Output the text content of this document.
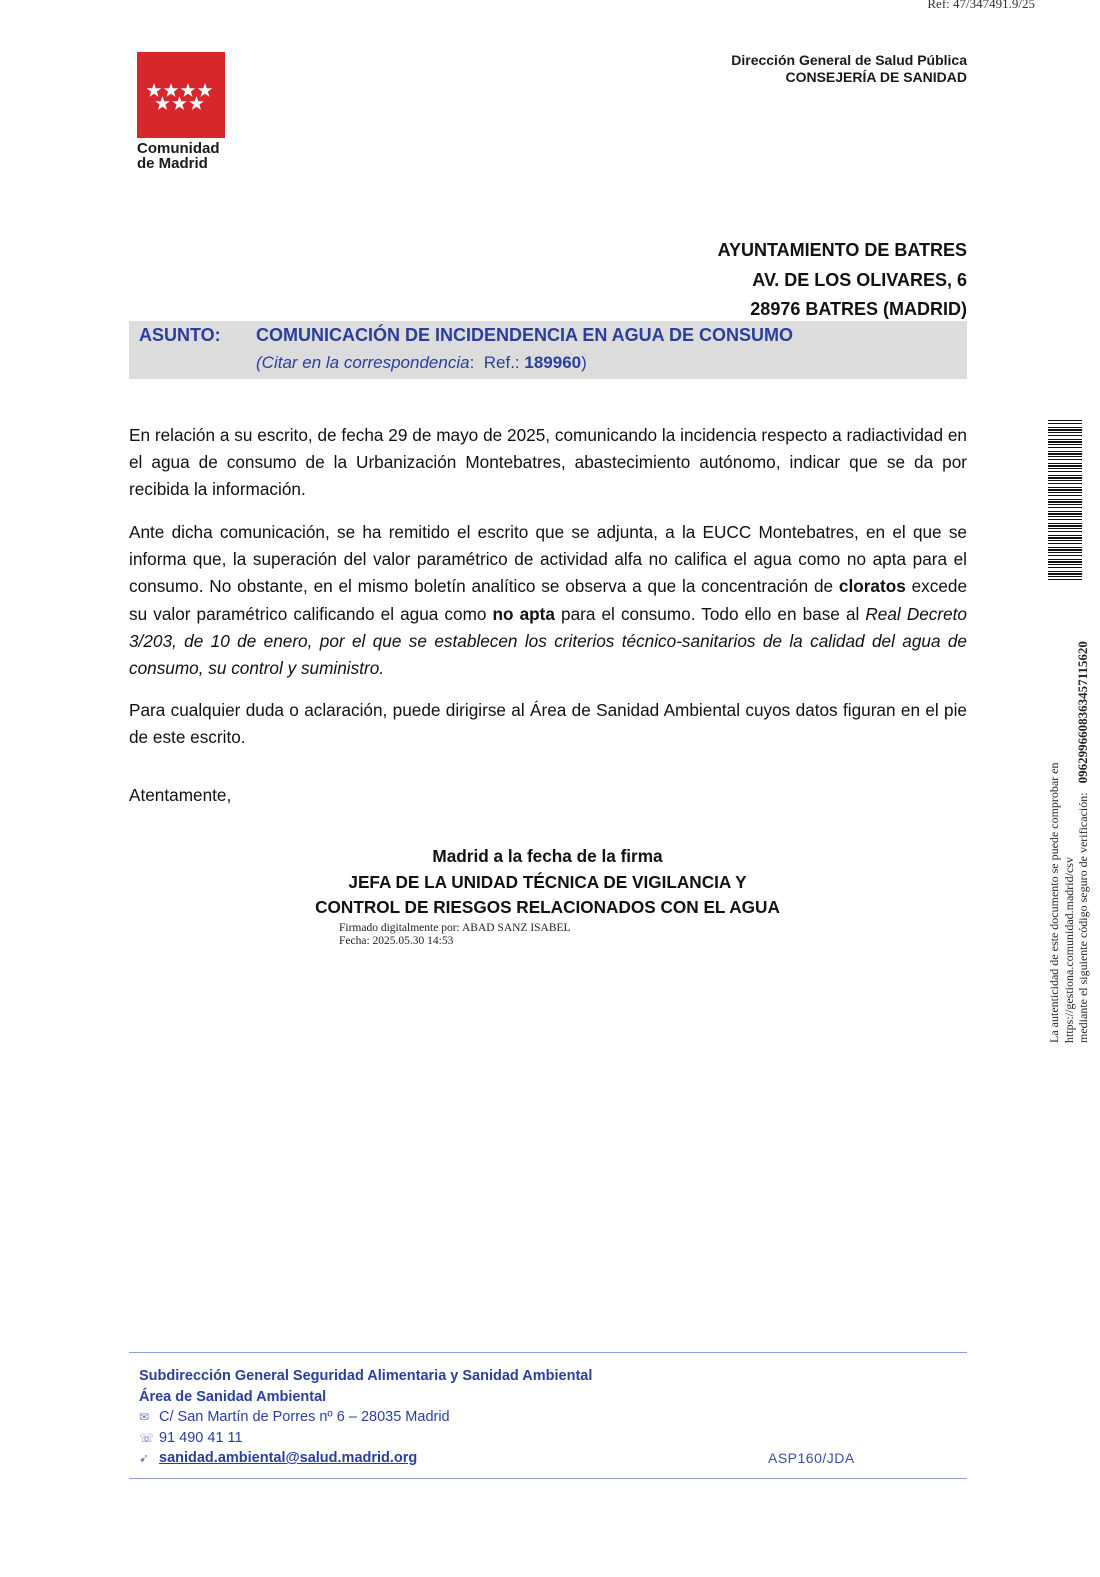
Ref: 47/347491.9/25
Comunidad
de Madrid
Dirección General de Salud Pública
CONSEJERÍA DE SANIDAD
AYUNTAMIENTO DE BATRES
AV. DE LOS OLIVARES, 6
28976 BATRES (MADRID)
ASUNTO: COMUNICACIÓN DE INCIDENDENCIA EN AGUA DE CONSUMO
(Citar en la correspondencia: Ref.: 189960)
En relación a su escrito, de fecha 29 de mayo de 2025, comunicando la incidencia respecto a radiactividad en el agua de consumo de la Urbanización Montebatres, abastecimiento autónomo, indicar que se da por recibida la información.
Ante dicha comunicación, se ha remitido el escrito que se adjunta, a la EUCC Montebatres, en el que se informa que, la superación del valor paramétrico de actividad alfa no califica el agua como no apta para el consumo. No obstante, en el mismo boletín analítico se observa a que la concentración de cloratos excede su valor paramétrico calificando el agua como no apta para el consumo. Todo ello en base al Real Decreto 3/203, de 10 de enero, por el que se establecen los criterios técnico-sanitarios de la calidad del agua de consumo, su control y suministro.
Para cualquier duda o aclaración, puede dirigirse al Área de Sanidad Ambiental cuyos datos figuran en el pie de este escrito.
Atentamente,
Madrid a la fecha de la firma
JEFA DE LA UNIDAD TÉCNICA DE VIGILANCIA Y
CONTROL DE RIESGOS RELACIONADOS CON EL AGUA
Firmado digitalmente por: ABAD SANZ ISABEL
Fecha: 2025.05.30 14:53	La autenticidad de este documento se puede comprobar en https://gestiona.comunidad.madrid/csv mediante el siguiente código seguro de verificación:   0962996608363457115620
Subdirección General Seguridad Alimentaria y Sanidad Ambiental
Área de Sanidad Ambiental
✉ C/ San Martín de Porres nº 6 – 28035 Madrid
☏ 91 490 41 11
➹ sanidad.ambiental@salud.madrid.org	ASP160/JDA
